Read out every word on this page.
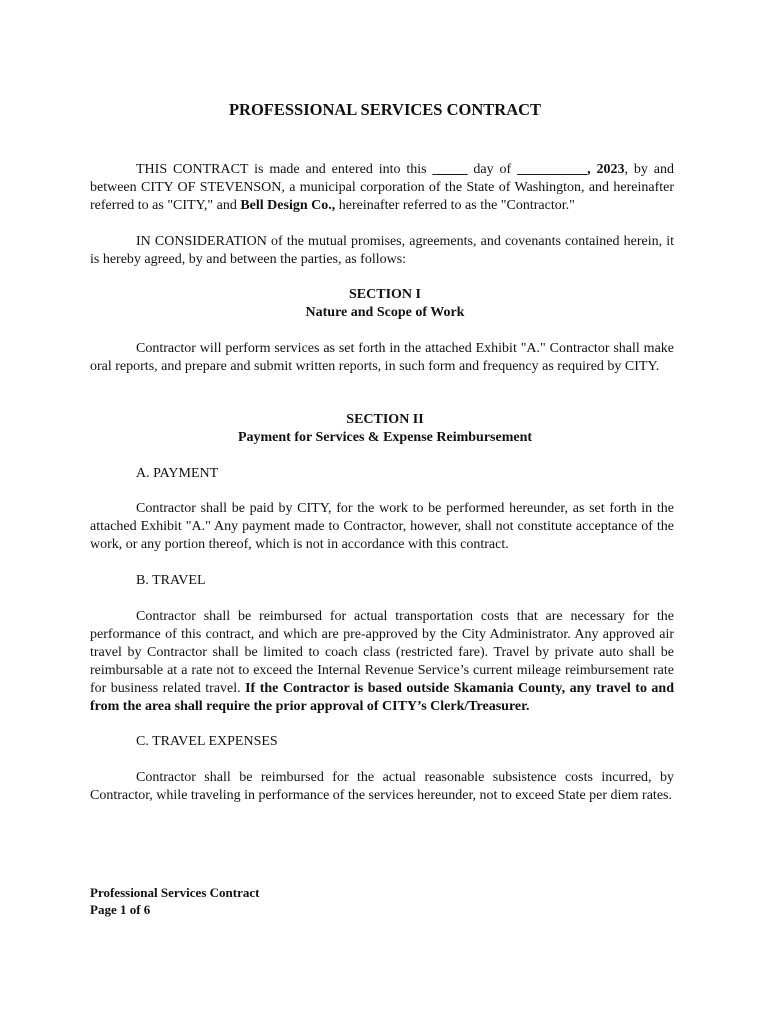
PROFESSIONAL SERVICES CONTRACT
THIS CONTRACT is made and entered into this _____ day of __________, 2023, by and between CITY OF STEVENSON, a municipal corporation of the State of Washington, and hereinafter referred to as "CITY," and Bell Design Co., hereinafter referred to as the "Contractor."
IN CONSIDERATION of the mutual promises, agreements, and covenants contained herein, it is hereby agreed, by and between the parties, as follows:
SECTION I
Nature and Scope of Work
Contractor will perform services as set forth in the attached Exhibit "A." Contractor shall make oral reports, and prepare and submit written reports, in such form and frequency as required by CITY.
SECTION II
Payment for Services & Expense Reimbursement
A. PAYMENT
Contractor shall be paid by CITY, for the work to be performed hereunder, as set forth in the attached Exhibit "A." Any payment made to Contractor, however, shall not constitute acceptance of the work, or any portion thereof, which is not in accordance with this contract.
B. TRAVEL
Contractor shall be reimbursed for actual transportation costs that are necessary for the performance of this contract, and which are pre-approved by the City Administrator. Any approved air travel by Contractor shall be limited to coach class (restricted fare). Travel by private auto shall be reimbursable at a rate not to exceed the Internal Revenue Service’s current mileage reimbursement rate for business related travel. If the Contractor is based outside Skamania County, any travel to and from the area shall require the prior approval of CITY’s Clerk/Treasurer.
C. TRAVEL EXPENSES
Contractor shall be reimbursed for the actual reasonable subsistence costs incurred, by Contractor, while traveling in performance of the services hereunder, not to exceed State per diem rates.
Professional Services Contract
Page 1 of 6
